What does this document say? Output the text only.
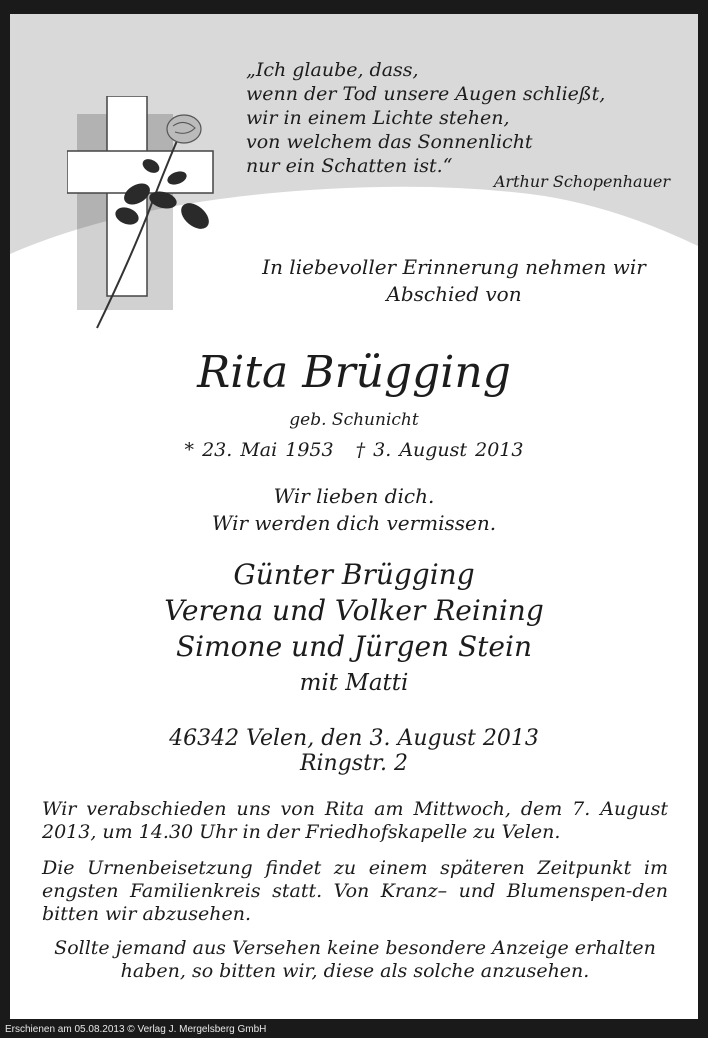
„Ich glaube, dass,
wenn der Tod unsere Augen schließt,
wir in einem Lichte stehen,
von welchem das Sonnenlicht
nur ein Schatten ist.“
Arthur Schopenhauer
In liebevoller Erinnerung nehmen wir
Abschied von
Rita Brügging
geb. Schunicht
* 23. Mai 1953 † 3. August 2013
Wir lieben dich.
Wir werden dich vermissen.
Günter Brügging
Verena und Volker Reining
Simone und Jürgen Stein
mit Matti
46342 Velen, den 3. August 2013
Ringstr. 2
Wir verabschieden uns von Rita am Mittwoch, dem 7. August 2013, um 14.30 Uhr in der Friedhofskapelle zu Velen.
Die Urnenbeisetzung findet zu einem späteren Zeitpunkt im engsten Familienkreis statt. Von Kranz– und Blumenspen-den bitten wir abzusehen.
Sollte jemand aus Versehen keine besondere Anzeige erhalten haben, so bitten wir, diese als solche anzusehen.
Erschienen am 05.08.2013 © Verlag J. Mergelsberg GmbH
